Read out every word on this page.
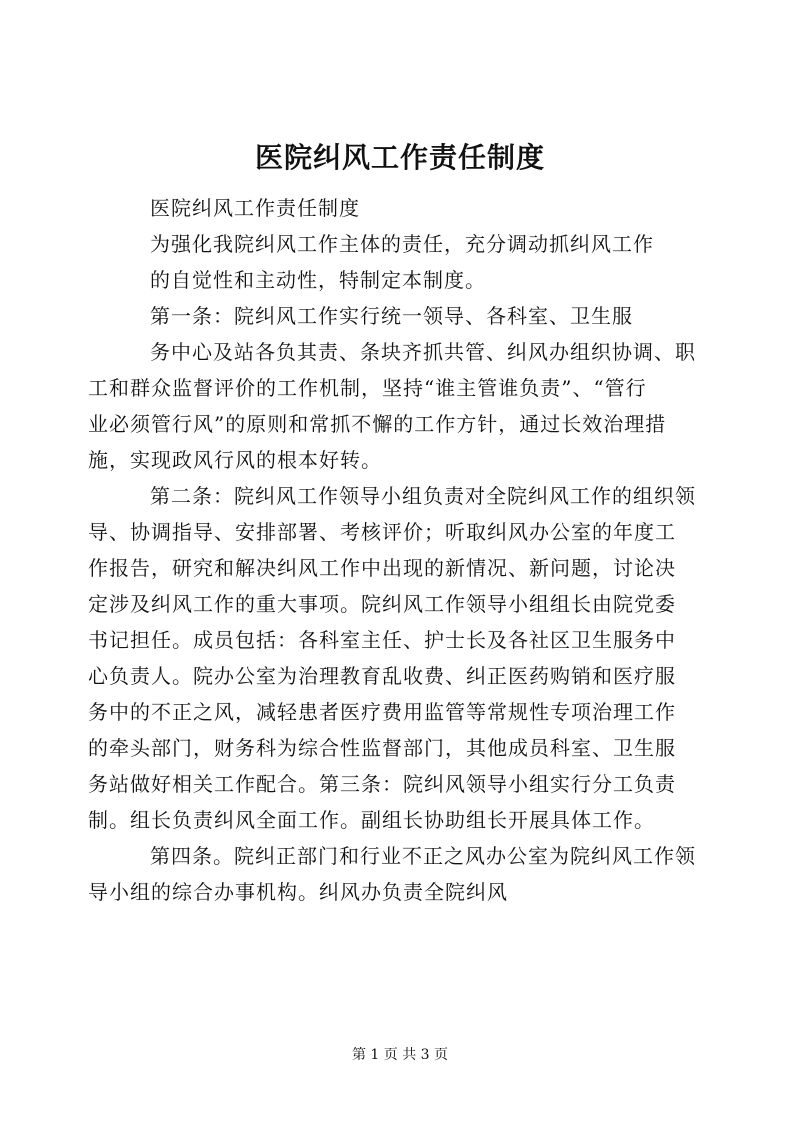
医院纠风工作责任制度
医院纠风工作责任制度
为强化我院纠风工作主体的责任，充分调动抓纠风工作
的自觉性和主动性，特制定本制度。
第一条：院纠风工作实行统一领导、各科室、卫生服
务中心及站各负其责、条块齐抓共管、纠风办组织协调、职
工和群众监督评价的工作机制，坚持“谁主管谁负责”、“管行
业必须管行风”的原则和常抓不懈的工作方针，通过长效治理措
施，实现政风行风的根本好转。
第二条：院纠风工作领导小组负责对全院纠风工作的组织领
导、协调指导、安排部署、考核评价；听取纠风办公室的年度工
作报告，研究和解决纠风工作中出现的新情况、新问题，讨论决
定涉及纠风工作的重大事项。院纠风工作领导小组组长由院党委
书记担任。成员包括：各科室主任、护士长及各社区卫生服务中
心负责人。院办公室为治理教育乱收费、纠正医药购销和医疗服
务中的不正之风，减轻患者医疗费用监管等常规性专项治理工作
的牵头部门，财务科为综合性监督部门，其他成员科室、卫生服
务站做好相关工作配合。第三条：院纠风领导小组实行分工负责
制。组长负责纠风全面工作。副组长协助组长开展具体工作。
第四条。院纠正部门和行业不正之风办公室为院纠风工作领
导小组的综合办事机构。纠风办负责全院纠风
第 1 页 共 3 页
